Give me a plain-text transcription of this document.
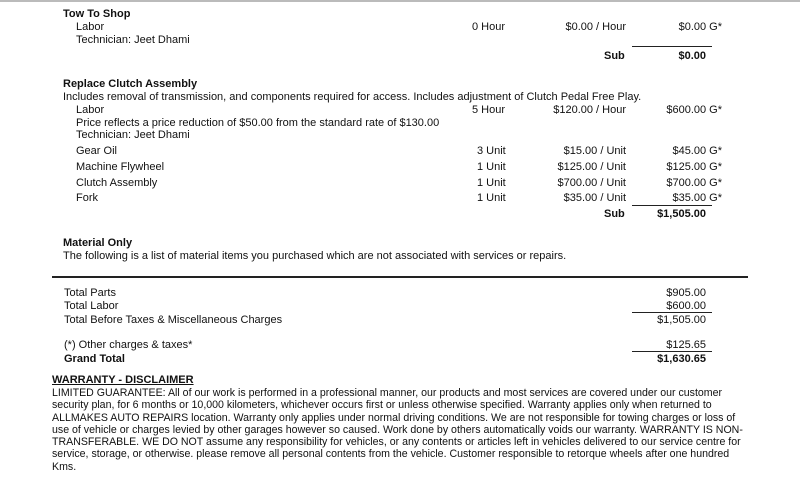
Tow To Shop
Labor	0 Hour	$0.00 / Hour	$0.00 G*
Technician: Jeet Dhami
Sub	$0.00
Replace Clutch Assembly
Includes removal of transmission, and components required for access. Includes adjustment of Clutch Pedal Free Play.
Labor	5 Hour	$120.00 / Hour	$600.00 G*
Price reflects a price reduction of $50.00 from the standard rate of $130.00
Technician: Jeet Dhami
Gear Oil	3 Unit	$15.00 / Unit	$45.00 G*
Machine Flywheel	1 Unit	$125.00 / Unit	$125.00 G*
Clutch Assembly	1 Unit	$700.00 / Unit	$700.00 G*
Fork	1 Unit	$35.00 / Unit	$35.00 G*
Sub	$1,505.00
Material Only
The following is a list of material items you purchased which are not associated with services or repairs.
Total Parts	$905.00
Total Labor	$600.00
Total Before Taxes & Miscellaneous Charges	$1,505.00
(*) Other charges & taxes*	$125.65
Grand Total	$1,630.65
WARRANTY - DISCLAIMER
LIMITED GUARANTEE: All of our work is performed in a professional manner, our products and most services are covered under our customer security plan, for 6 months or 10,000 kilometers, whichever occurs first or unless otherwise specified. Warranty applies only when returned to ALLMAKES AUTO REPAIRS location. Warranty only applies under normal driving conditions. We are not responsible for towing charges or loss of use of vehicle or charges levied by other garages however so caused. Work done by others automatically voids our warranty. WARRANTY IS NON-TRANSFERABLE. WE DO NOT assume any responsibility for vehicles, or any contents or articles left in vehicles delivered to our service centre for service, storage, or otherwise. please remove all personal contents from the vehicle. Customer responsible to retorque wheels after one hundred Kms.
